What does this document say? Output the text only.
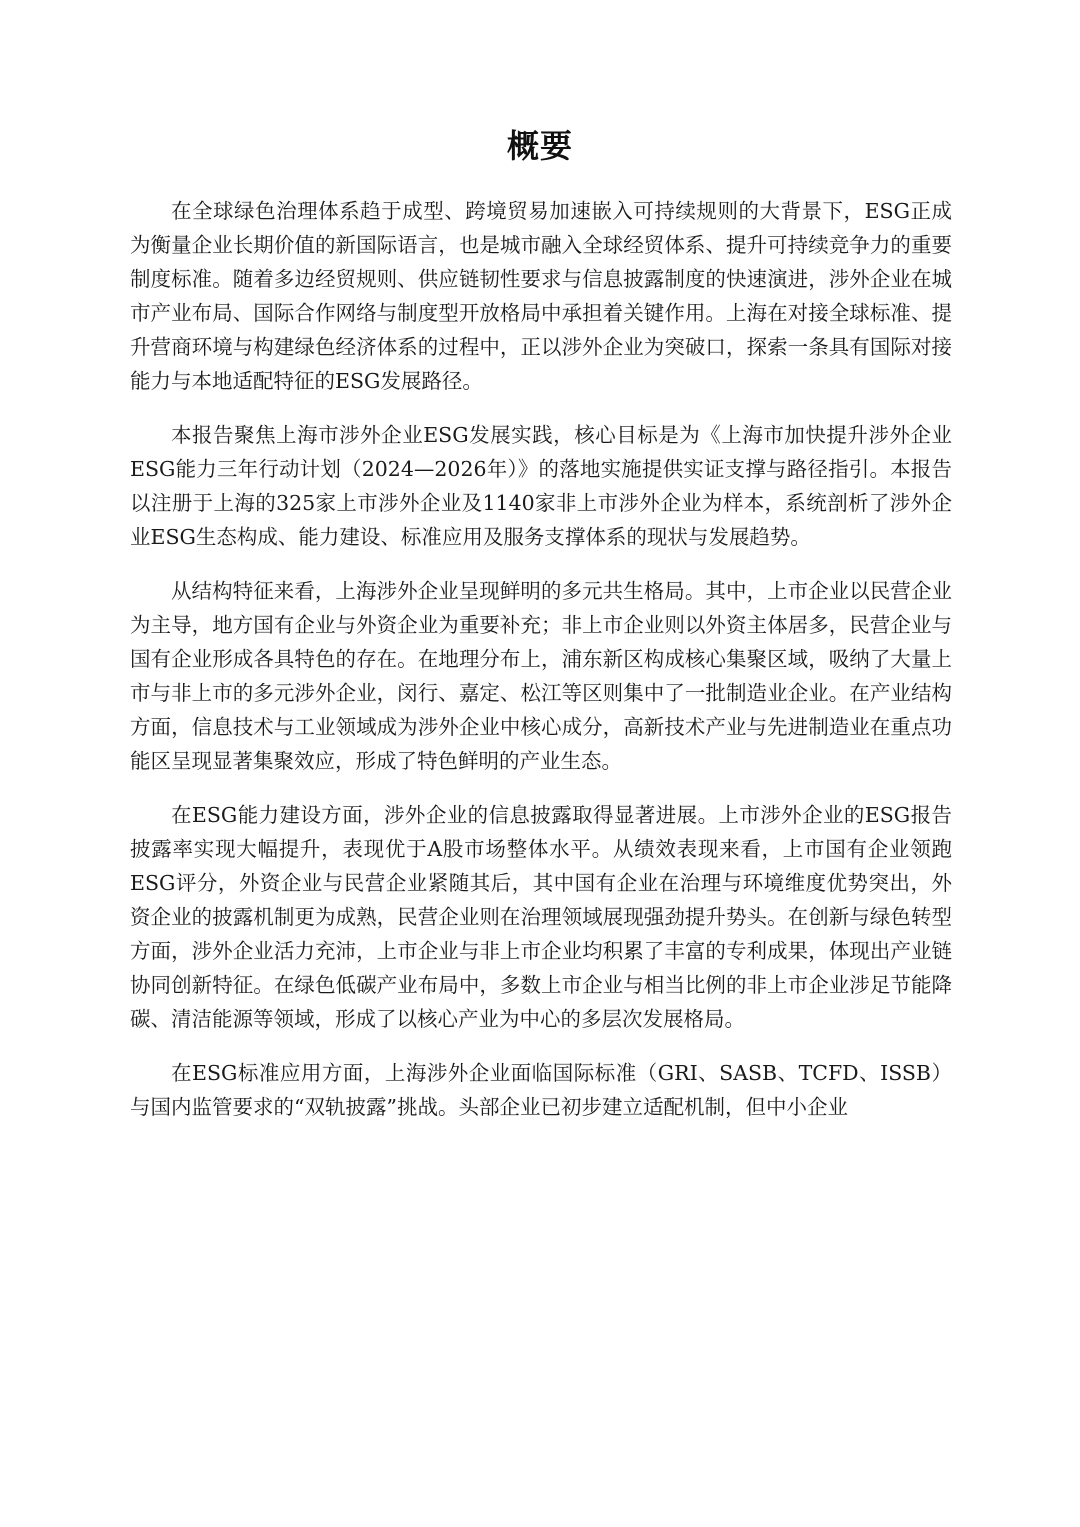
概要

在全球绿色治理体系趋于成型、跨境贸易加速嵌入可持续规则的大背景下，ESG正成为衡量企业长期价值的新国际语言，也是城市融入全球经贸体系、提升可持续竞争力的重要制度标准。随着多边经贸规则、供应链韧性要求与信息披露制度的快速演进，涉外企业在城市产业布局、国际合作网络与制度型开放格局中承担着关键作用。上海在对接全球标准、提升营商环境与构建绿色经济体系的过程中，正以涉外企业为突破口，探索一条具有国际对接能力与本地适配特征的ESG发展路径。

本报告聚焦上海市涉外企业ESG发展实践，核心目标是为《上海市加快提升涉外企业ESG能力三年行动计划（2024—2026年）》的落地实施提供实证支撑与路径指引。本报告以注册于上海的325家上市涉外企业及1140家非上市涉外企业为样本，系统剖析了涉外企业ESG生态构成、能力建设、标准应用及服务支撑体系的现状与发展趋势。

从结构特征来看，上海涉外企业呈现鲜明的多元共生格局。其中，上市企业以民营企业为主导，地方国有企业与外资企业为重要补充；非上市企业则以外资主体居多，民营企业与国有企业形成各具特色的存在。在地理分布上，浦东新区构成核心集聚区域，吸纳了大量上市与非上市的多元涉外企业，闵行、嘉定、松江等区则集中了一批制造业企业。在产业结构方面，信息技术与工业领域成为涉外企业中核心成分，高新技术产业与先进制造业在重点功能区呈现显著集聚效应，形成了特色鲜明的产业生态。

在ESG能力建设方面，涉外企业的信息披露取得显著进展。上市涉外企业的ESG报告披露率实现大幅提升，表现优于A股市场整体水平。从绩效表现来看，上市国有企业领跑ESG评分，外资企业与民营企业紧随其后，其中国有企业在治理与环境维度优势突出，外资企业的披露机制更为成熟，民营企业则在治理领域展现强劲提升势头。在创新与绿色转型方面，涉外企业活力充沛，上市企业与非上市企业均积累了丰富的专利成果，体现出产业链协同创新特征。在绿色低碳产业布局中，多数上市企业与相当比例的非上市企业涉足节能降碳、清洁能源等领域，形成了以核心产业为中心的多层次发展格局。

在ESG标准应用方面，上海涉外企业面临国际标准（GRI、SASB、TCFD、ISSB）与国内监管要求的“双轨披露”挑战。头部企业已初步建立适配机制，但中小企业
